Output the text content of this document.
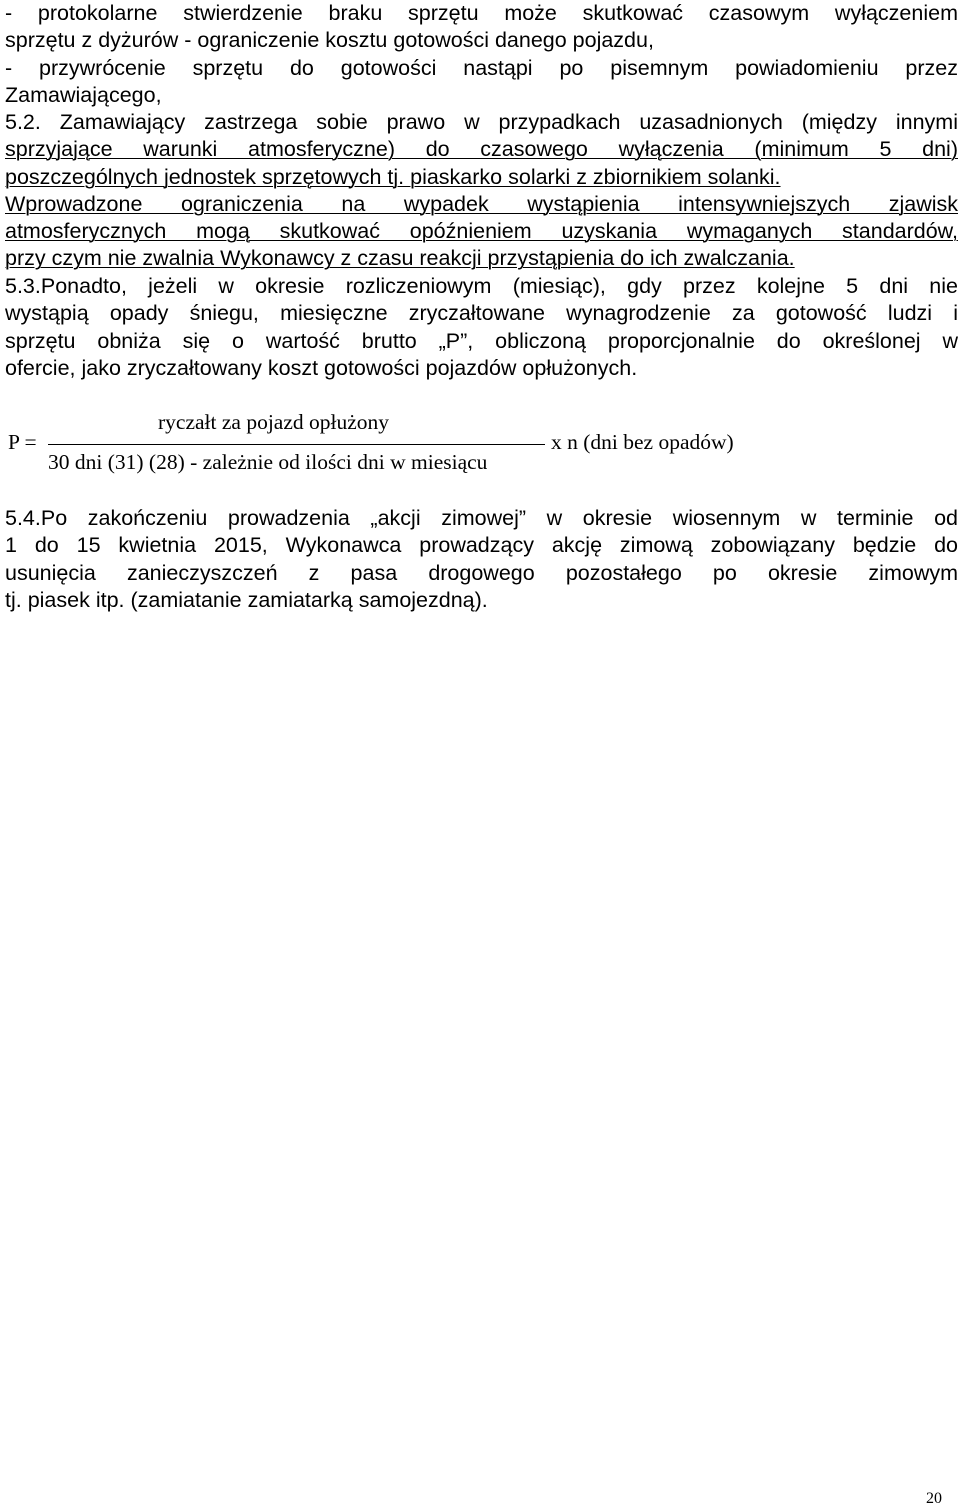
- protokolarne stwierdzenie braku sprzętu może skutkować czasowym wyłączeniem
sprzętu z dyżurów - ograniczenie kosztu gotowości danego pojazdu,
- przywrócenie sprzętu do gotowości nastąpi po pisemnym powiadomieniu przez
Zamawiającego,
5.2. Zamawiający zastrzega sobie prawo w przypadkach uzasadnionych (między innymi
sprzyjające warunki atmosferyczne) do czasowego wyłączenia (minimum 5 dni)
poszczególnych jednostek sprzętowych tj. piaskarko solarki z zbiornikiem solanki.
Wprowadzone ograniczenia na wypadek wystąpienia intensywniejszych zjawisk
atmosferycznych mogą skutkować opóźnieniem uzyskania wymaganych standardów,
przy czym nie zwalnia Wykonawcy z czasu reakcji przystąpienia do ich zwalczania.
5.3.Ponadto, jeżeli w okresie rozliczeniowym (miesiąc), gdy przez kolejne 5 dni nie
wystąpią opady śniegu, miesięczne zryczałtowane wynagrodzenie za gotowość ludzi i
sprzętu obniża się o wartość brutto „P”, obliczoną proporcjonalnie do określonej w
ofercie, jako zryczałtowany koszt gotowości pojazdów opłużonych.
P =
ryczałt za pojazd opłużony
30 dni (31) (28) - zależnie od ilości dni w miesiącu
x n (dni bez opadów)
5.4.Po zakończeniu prowadzenia „akcji zimowej” w okresie wiosennym w terminie od
1 do 15 kwietnia 2015, Wykonawca prowadzący akcję zimową zobowiązany będzie do
usunięcia zanieczyszczeń z pasa drogowego pozostałego po okresie zimowym
tj. piasek itp. (zamiatanie zamiatarką samojezdną).
20
